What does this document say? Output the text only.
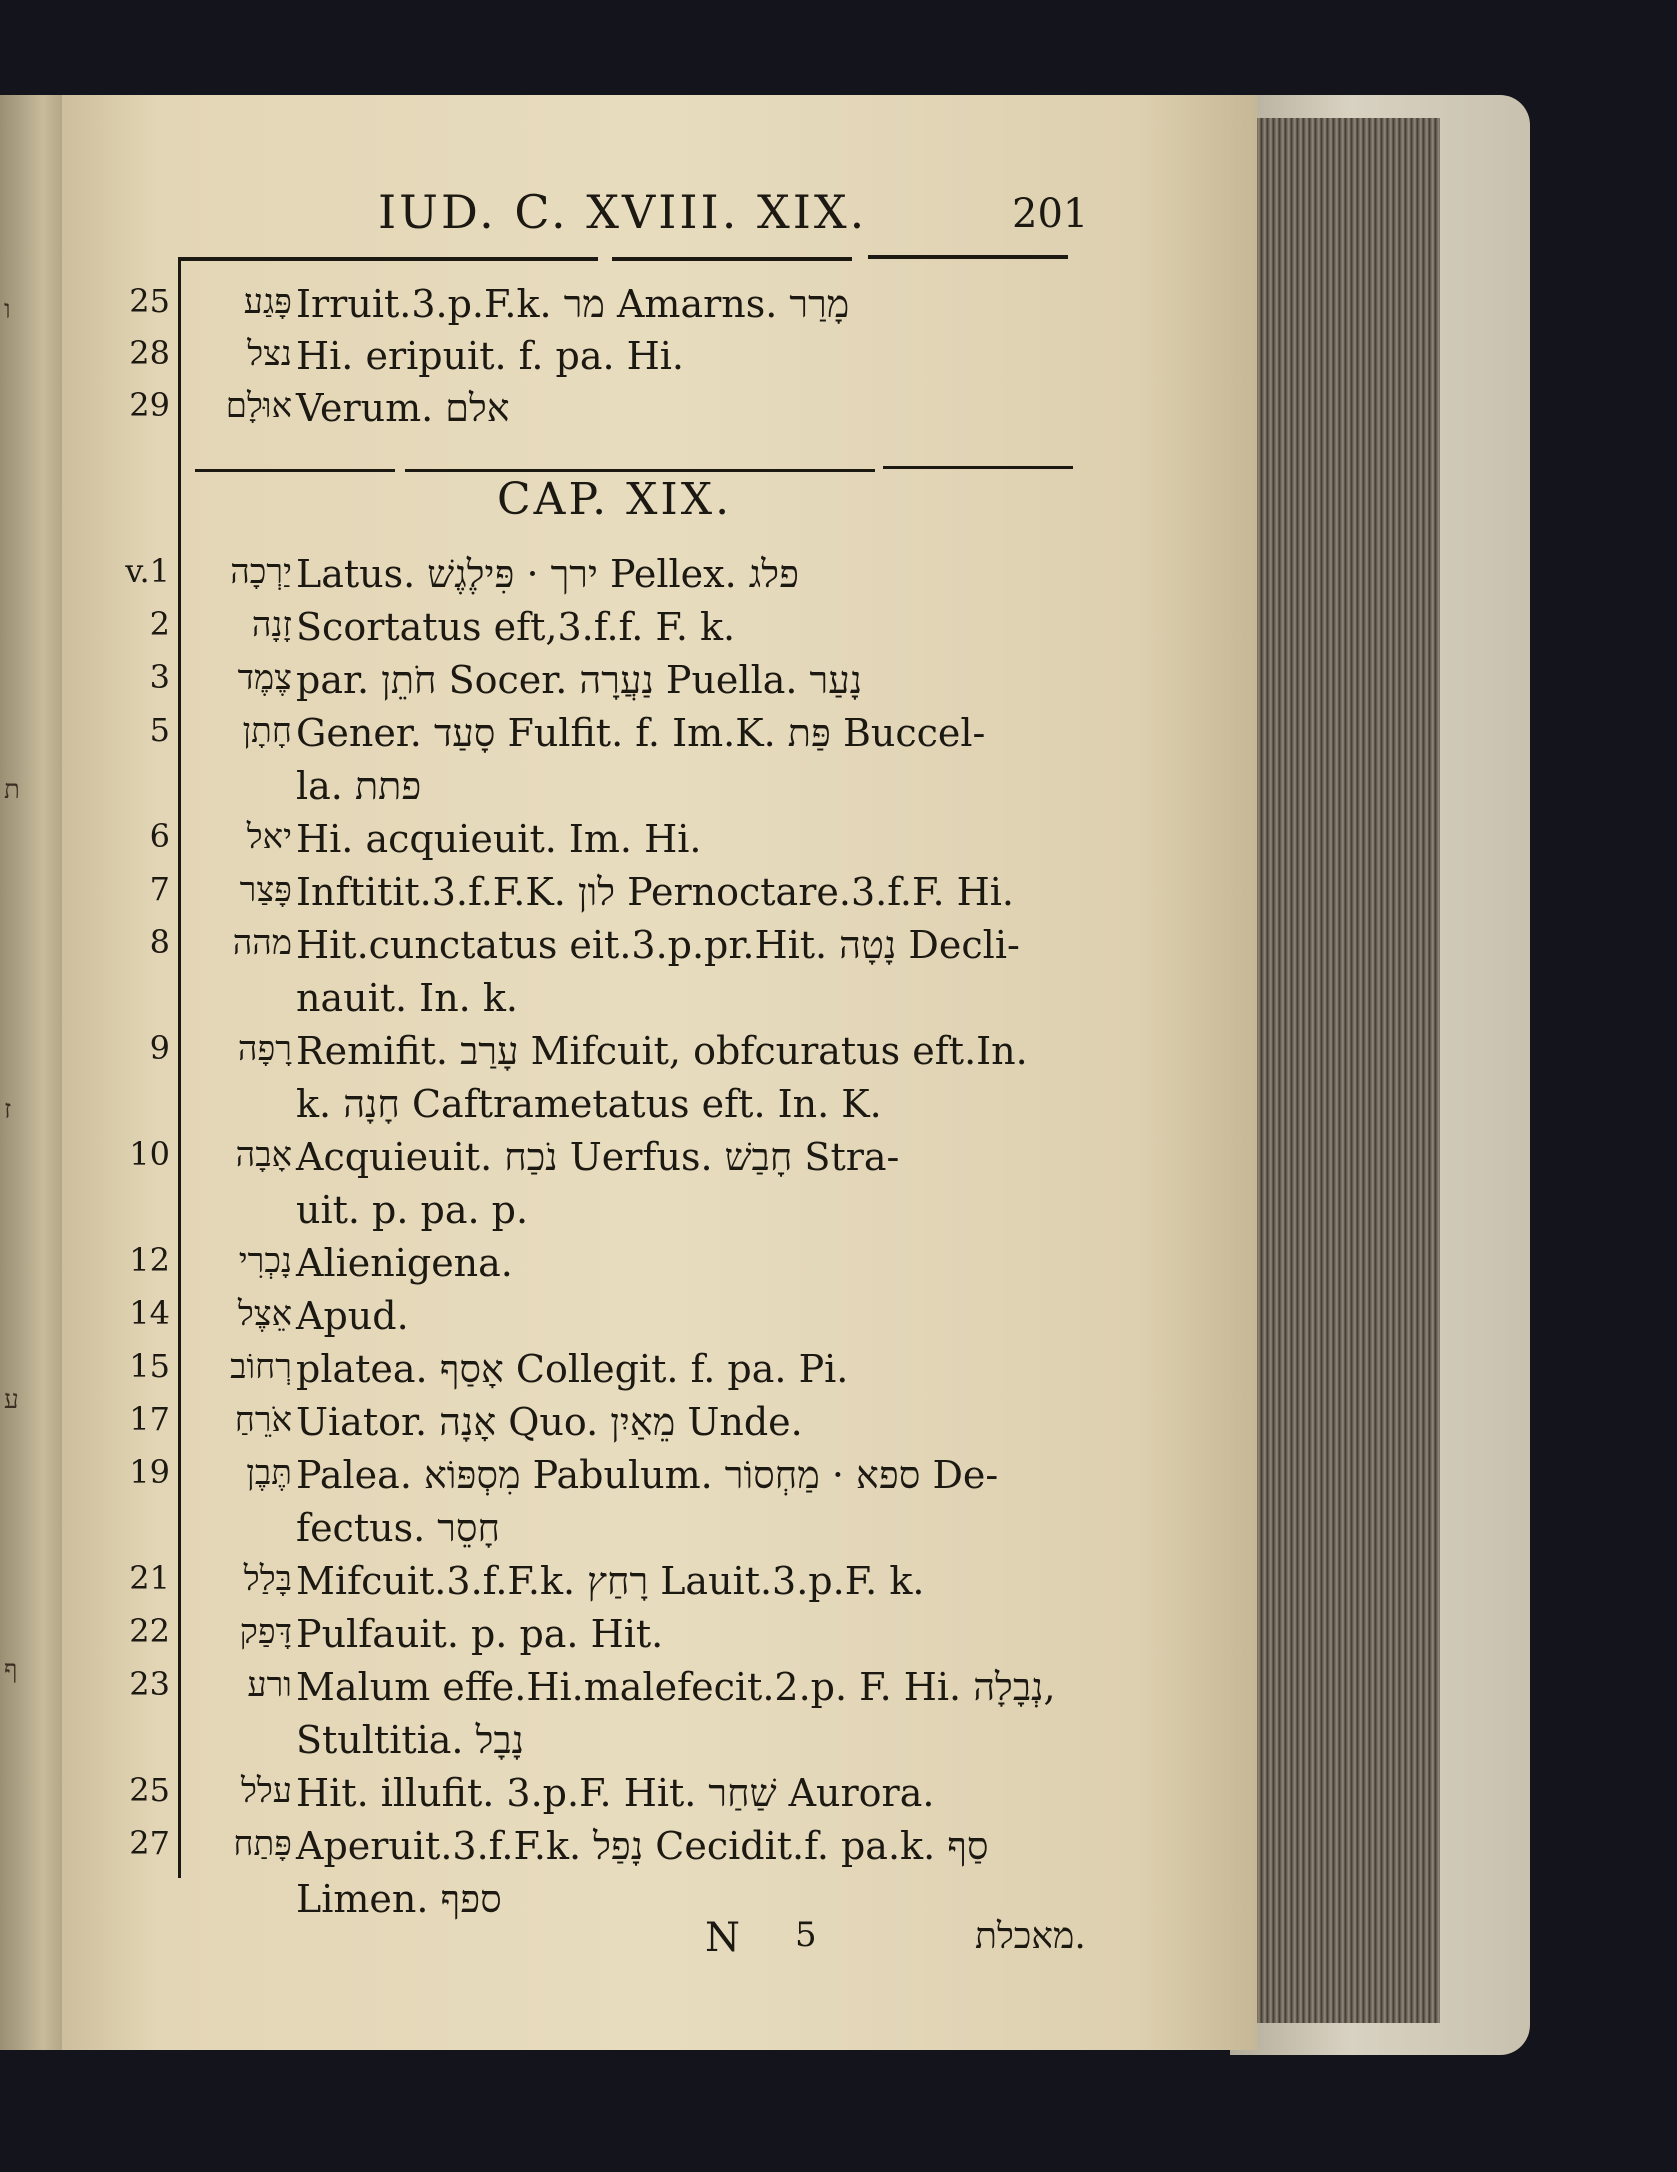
ו
ת
ז
ע
ף
IUD. C. XVIII. XIX.	201
25	פָּגַע Irruit.3.p.F.k. מר Amarns. מָרַר
28	נצל Hi. eripuit. f. pa. Hi.
29	אוּלָם Verum. אלם
CAP. XIX.
v.1	יַרְכָה Latus. ירך · פִּילֶגֶשׁ Pellex. פלג
2	זָנָה Scortatus eft,3.f.f. F. k.
3	צֶמֶד par. חֹתֵן Socer. נַעֲרָה Puella. נָעַר
5	חָתָן Gener. סָעַד Fulfit. f. Im.K. פַּת Buccel-
la. פתת
6	יאל Hi. acquieuit. Im. Hi.
7	פָּצַר Inftitit.3.f.F.K. לון Pernoctare.3.f.F. Hi.
8	מהה Hit.cunctatus eit.3.p.pr.Hit. נָטָה Decli-
nauit. In. k.
9	רָפָה Remifit. עָרַב Mifcuit, obfcuratus eft.In.
k. חָנָה Caftrametatus eft. In. K.
10	אָבָה Acquieuit. נֹכַח Uerfus. חָבַשׁ Stra-
uit. p. pa. p.
12	נָכְרִי Alienigena.
14	אֵצֶל Apud.
15	רְחוֹב platea. אָסַף Collegit. f. pa. Pi.
17	אֹרֵחַ Uiator. אָנָה Quo. מֵאַיִן Unde.
19	תֶּבֶן Palea. מִסְפּוֹא Pabulum. ספא · מַחְסוֹר De-
fectus. חָסֵר
21	בָּלַל Mifcuit.3.f.F.k. רָחַץ Lauit.3.p.F. k.
22	דָּפַק Pulfauit. p. pa. Hit.
23	ורע Malum effe.Hi.malefecit.2.p. F. Hi. נְבָלָה,
Stultitia. נָבָל
25	עלל Hit. illufit. 3.p.F. Hit. שַׁחַר Aurora.
27	פָּתַח Aperuit.3.f.F.k. נָפַל Cecidit.f. pa.k. סַף
Limen. ספף
N 5	.מאכלת
